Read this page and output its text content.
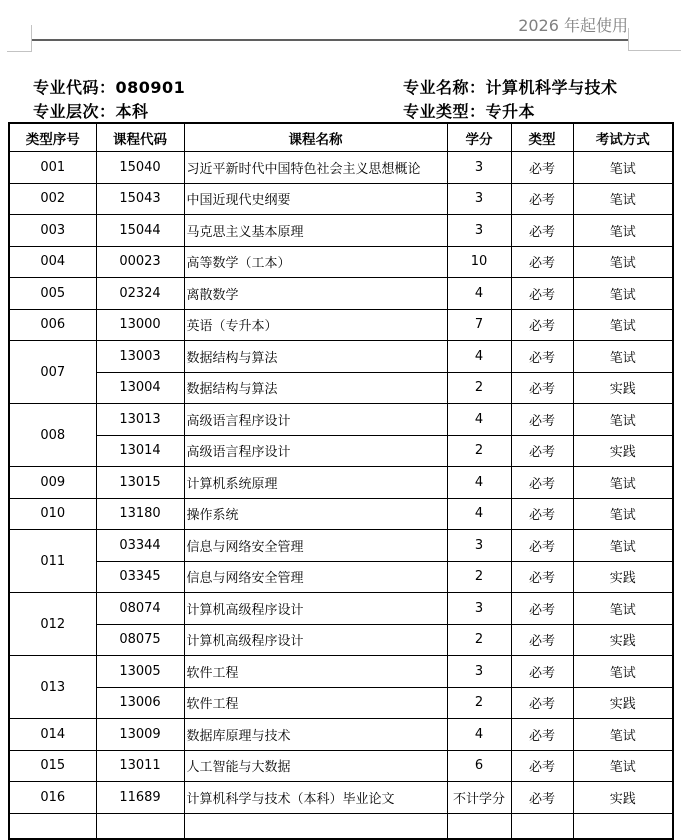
2026 年起使用
专业代码：080901	专业名称：计算机科学与技术
专业层次：本科	专业类型：专升本
类型序号	课程代码	课程名称	学分	类型	考试方式
001	15040	习近平新时代中国特色社会主义思想概论	3	必考	笔试
002	15043	中国近现代史纲要	3	必考	笔试
003	15044	马克思主义基本原理	3	必考	笔试
004	00023	高等数学（工本）	10	必考	笔试
005	02324	离散数学	4	必考	笔试
006	13000	英语（专升本）	7	必考	笔试
007	13003	数据结构与算法	4	必考	笔试
	13004	数据结构与算法	2	必考	实践
008	13013	高级语言程序设计	4	必考	笔试
	13014	高级语言程序设计	2	必考	实践
009	13015	计算机系统原理	4	必考	笔试
010	13180	操作系统	4	必考	笔试
011	03344	信息与网络安全管理	3	必考	笔试
	03345	信息与网络安全管理	2	必考	实践
012	08074	计算机高级程序设计	3	必考	笔试
	08075	计算机高级程序设计	2	必考	实践
013	13005	软件工程	3	必考	笔试
	13006	软件工程	2	必考	实践
014	13009	数据库原理与技术	4	必考	笔试
015	13011	人工智能与大数据	6	必考	笔试
016	11689	计算机科学与技术（本科）毕业论文	不计学分	必考	实践
